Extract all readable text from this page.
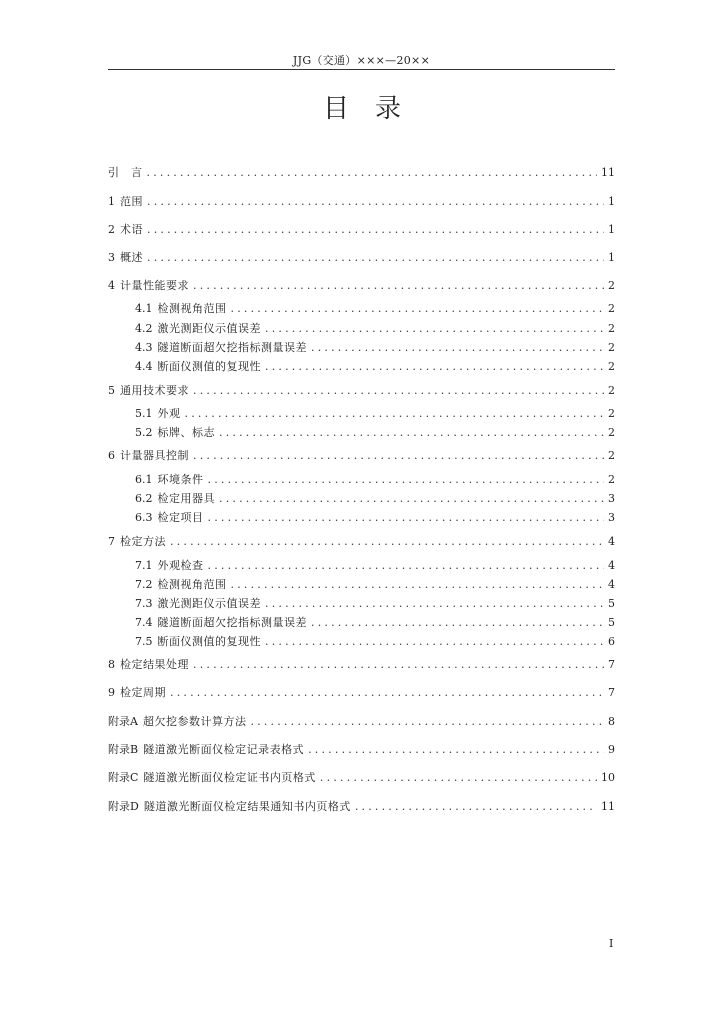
JJG（交通）×××—20××
目录
引　言 .....	11
1 范围 .....	1
2 术语 .....	1
3 概述 .....	1
4 计量性能要求 .....	2
4.1 检测视角范围 .....	2
4.2 激光测距仪示值误差 .....	2
4.3 隧道断面超欠挖指标测量误差 .....	2
4.4 断面仪测值的复现性 .....	2
5 通用技术要求 .....	2
5.1 外观 .....	2
5.2 标牌、标志 .....	2
6 计量器具控制 .....	2
6.1 环境条件 .....	2
6.2 检定用器具 .....	3
6.3 检定项目 .....	3
7 检定方法 .....	4
7.1 外观检查 .....	4
7.2 检测视角范围 .....	4
7.3 激光测距仪示值误差 .....	5
7.4 隧道断面超欠挖指标测量误差 .....	5
7.5 断面仪测值的复现性 .....	6
8 检定结果处理 .....	7
9 检定周期 .....	7
附录A 超欠挖参数计算方法 .....	8
附录B 隧道激光断面仪检定记录表格式 .....	9
附录C 隧道激光断面仪检定证书内页格式 .....	10
附录D 隧道激光断面仪检定结果通知书内页格式 .....	11
I
